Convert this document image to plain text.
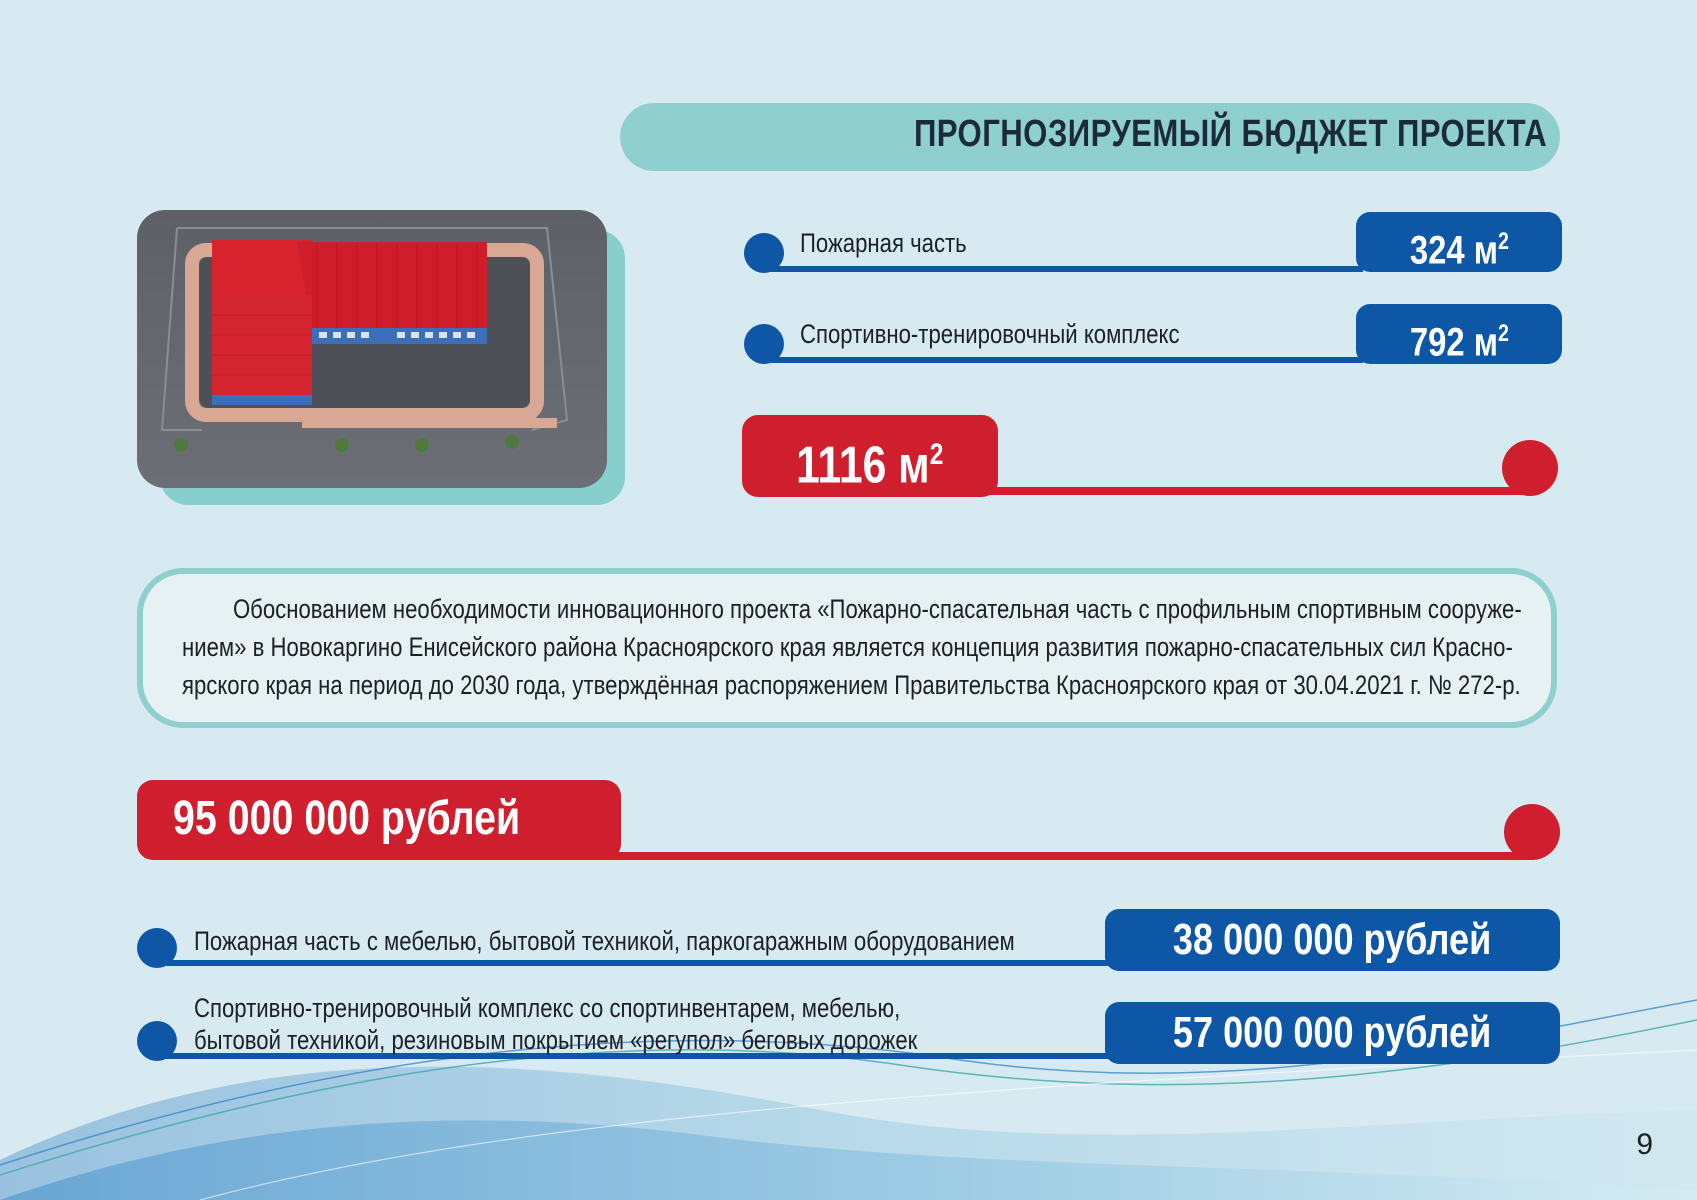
ПРОГНОЗИРУЕМЫЙ БЮДЖЕТ ПРОЕКТА
Пожарная часть	324 $м^2$
Спортивно-тренировочный комплекс	792 $м^2$
1116 $м^2$

Обоснованием необходимости инновационного проекта «Пожарно-спасательная часть с профильным спортивным сооруже-

нием» в Новокаргино Енисейского района Красноярского края является концепция развития пожарно-спасательных сил Красно-

ярского края на период до 2030 года, утверждённая распоряжением Правительства Красноярского края от 30.04.2021 г. № 272-р.

95 000 000 рублей
Пожарная часть с мебелью, бытовой техникой, паркогаражным оборудованием	38 000 000 рублей
Спортивно-тренировочный комплекс со спортинвентарем, мебелью,
бытовой техникой, резиновым покрытием «регупол» беговых дорожек	57 000 000 рублей
9
